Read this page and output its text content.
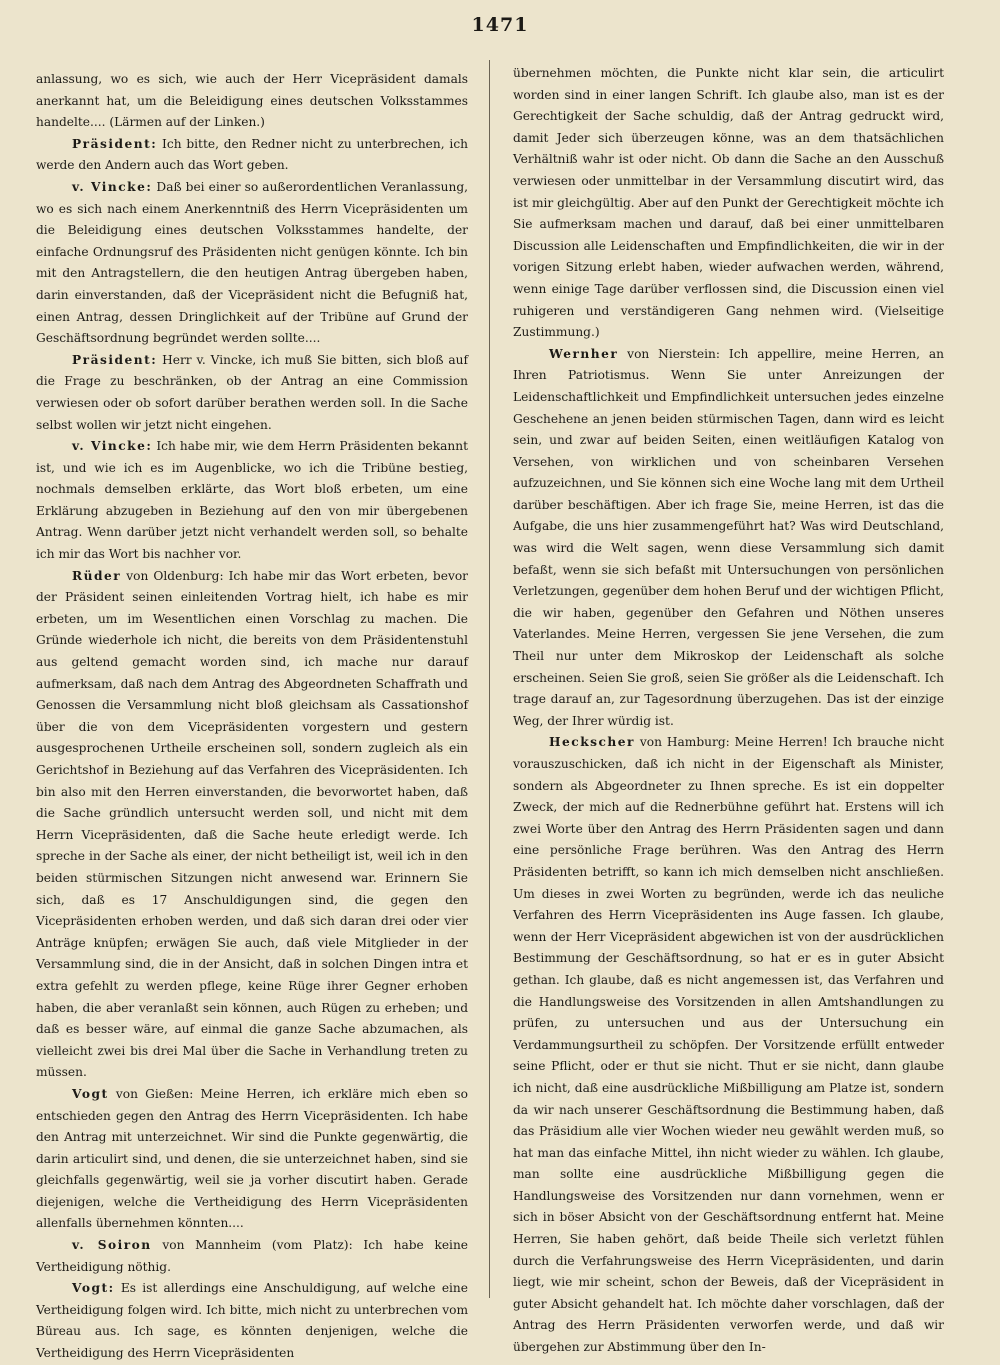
1471

anlassung, wo es sich, wie auch der Herr Vicepräsident damals anerkannt hat, um die Beleidigung eines deutschen Volksstammes handelte.... (Lärmen auf der Linken.)

Präsident: Ich bitte, den Redner nicht zu unterbrechen, ich werde den Andern auch das Wort geben.

v. Vincke: Daß bei einer so außerordentlichen Veranlassung, wo es sich nach einem Anerkenntniß des Herrn Vicepräsidenten um die Beleidigung eines deutschen Volksstammes handelte, der einfache Ordnungsruf des Präsidenten nicht genügen könnte. Ich bin mit den Antragstellern, die den heutigen Antrag übergeben haben, darin einverstanden, daß der Vicepräsident nicht die Befugniß hat, einen Antrag, dessen Dringlichkeit auf der Tribüne auf Grund der Geschäftsordnung begründet werden sollte....

Präsident: Herr v. Vincke, ich muß Sie bitten, sich bloß auf die Frage zu beschränken, ob der Antrag an eine Commission verwiesen oder ob sofort darüber berathen werden soll. In die Sache selbst wollen wir jetzt nicht eingehen.

v. Vincke: Ich habe mir, wie dem Herrn Präsidenten bekannt ist, und wie ich es im Augenblicke, wo ich die Tribüne bestieg, nochmals demselben erklärte, das Wort bloß erbeten, um eine Erklärung abzugeben in Beziehung auf den von mir übergebenen Antrag. Wenn darüber jetzt nicht verhandelt werden soll, so behalte ich mir das Wort bis nachher vor.

Rüder von Oldenburg: Ich habe mir das Wort erbeten, bevor der Präsident seinen einleitenden Vortrag hielt, ich habe es mir erbeten, um im Wesentlichen einen Vorschlag zu machen. Die Gründe wiederhole ich nicht, die bereits von dem Präsidentenstuhl aus geltend gemacht worden sind, ich mache nur darauf aufmerksam, daß nach dem Antrag des Abgeordneten Schaffrath und Genossen die Versammlung nicht bloß gleichsam als Cassationshof über die von dem Vicepräsidenten vorgestern und gestern ausgesprochenen Urtheile erscheinen soll, sondern zugleich als ein Gerichtshof in Beziehung auf das Verfahren des Vicepräsidenten. Ich bin also mit den Herren einverstanden, die bevorwortet haben, daß die Sache gründlich untersucht werden soll, und nicht mit dem Herrn Vicepräsidenten, daß die Sache heute erledigt werde. Ich spreche in der Sache als einer, der nicht betheiligt ist, weil ich in den beiden stürmischen Sitzungen nicht anwesend war. Erinnern Sie sich, daß es 17 Anschuldigungen sind, die gegen den Vicepräsidenten erhoben werden, und daß sich daran drei oder vier Anträge knüpfen; erwägen Sie auch, daß viele Mitglieder in der Versammlung sind, die in der Ansicht, daß in solchen Dingen intra et extra gefehlt zu werden pflege, keine Rüge ihrer Gegner erhoben haben, die aber veranlaßt sein können, auch Rügen zu erheben; und daß es besser wäre, auf einmal die ganze Sache abzumachen, als vielleicht zwei bis drei Mal über die Sache in Verhandlung treten zu müssen.

Vogt von Gießen: Meine Herren, ich erkläre mich eben so entschieden gegen den Antrag des Herrn Vicepräsidenten. Ich habe den Antrag mit unterzeichnet. Wir sind die Punkte gegenwärtig, die darin articulirt sind, und denen, die sie unterzeichnet haben, sind sie gleichfalls gegenwärtig, weil sie ja vorher discutirt haben. Gerade diejenigen, welche die Vertheidigung des Herrn Vicepräsidenten allenfalls übernehmen könnten....

v. Soiron von Mannheim (vom Platz): Ich habe keine Vertheidigung nöthig.

Vogt: Es ist allerdings eine Anschuldigung, auf welche eine Vertheidigung folgen wird. Ich bitte, mich nicht zu unterbrechen vom Büreau aus. Ich sage, es könnten denjenigen, welche die Vertheidigung des Herrn Vicepräsidenten

übernehmen möchten, die Punkte nicht klar sein, die articulirt worden sind in einer langen Schrift. Ich glaube also, man ist es der Gerechtigkeit der Sache schuldig, daß der Antrag gedruckt wird, damit Jeder sich überzeugen könne, was an dem thatsächlichen Verhältniß wahr ist oder nicht. Ob dann die Sache an den Ausschuß verwiesen oder unmittelbar in der Versammlung discutirt wird, das ist mir gleichgültig. Aber auf den Punkt der Gerechtigkeit möchte ich Sie aufmerksam machen und darauf, daß bei einer unmittelbaren Discussion alle Leidenschaften und Empfindlichkeiten, die wir in der vorigen Sitzung erlebt haben, wieder aufwachen werden, während, wenn einige Tage darüber verflossen sind, die Discussion einen viel ruhigeren und verständigeren Gang nehmen wird. (Vielseitige Zustimmung.)

Wernher von Nierstein: Ich appellire, meine Herren, an Ihren Patriotismus. Wenn Sie unter Anreizungen der Leidenschaftlichkeit und Empfindlichkeit untersuchen jedes einzelne Geschehene an jenen beiden stürmischen Tagen, dann wird es leicht sein, und zwar auf beiden Seiten, einen weitläufigen Katalog von Versehen, von wirklichen und von scheinbaren Versehen aufzuzeichnen, und Sie können sich eine Woche lang mit dem Urtheil darüber beschäftigen. Aber ich frage Sie, meine Herren, ist das die Aufgabe, die uns hier zusammengeführt hat? Was wird Deutschland, was wird die Welt sagen, wenn diese Versammlung sich damit befaßt, wenn sie sich befaßt mit Untersuchungen von persönlichen Verletzungen, gegenüber dem hohen Beruf und der wichtigen Pflicht, die wir haben, gegenüber den Gefahren und Nöthen unseres Vaterlandes. Meine Herren, vergessen Sie jene Versehen, die zum Theil nur unter dem Mikroskop der Leidenschaft als solche erscheinen. Seien Sie groß, seien Sie größer als die Leidenschaft. Ich trage darauf an, zur Tagesordnung überzugehen. Das ist der einzige Weg, der Ihrer würdig ist.

Heckscher von Hamburg: Meine Herren! Ich brauche nicht vorauszuschicken, daß ich nicht in der Eigenschaft als Minister, sondern als Abgeordneter zu Ihnen spreche. Es ist ein doppelter Zweck, der mich auf die Rednerbühne geführt hat. Erstens will ich zwei Worte über den Antrag des Herrn Präsidenten sagen und dann eine persönliche Frage berühren. Was den Antrag des Herrn Präsidenten betrifft, so kann ich mich demselben nicht anschließen. Um dieses in zwei Worten zu begründen, werde ich das neuliche Verfahren des Herrn Vicepräsidenten ins Auge fassen. Ich glaube, wenn der Herr Vicepräsident abgewichen ist von der ausdrücklichen Bestimmung der Geschäftsordnung, so hat er es in guter Absicht gethan. Ich glaube, daß es nicht angemessen ist, das Verfahren und die Handlungsweise des Vorsitzenden in allen Amtshandlungen zu prüfen, zu untersuchen und aus der Untersuchung ein Verdammungsurtheil zu schöpfen. Der Vorsitzende erfüllt entweder seine Pflicht, oder er thut sie nicht. Thut er sie nicht, dann glaube ich nicht, daß eine ausdrückliche Mißbilligung am Platze ist, sondern da wir nach unserer Geschäftsordnung die Bestimmung haben, daß das Präsidium alle vier Wochen wieder neu gewählt werden muß, so hat man das einfache Mittel, ihn nicht wieder zu wählen. Ich glaube, man sollte eine ausdrückliche Mißbilligung gegen die Handlungsweise des Vorsitzenden nur dann vornehmen, wenn er sich in böser Absicht von der Geschäftsordnung entfernt hat. Meine Herren, Sie haben gehört, daß beide Theile sich verletzt fühlen durch die Verfahrungsweise des Herrn Vicepräsidenten, und darin liegt, wie mir scheint, schon der Beweis, daß der Vicepräsident in guter Absicht gehandelt hat. Ich möchte daher vorschlagen, daß der Antrag des Herrn Präsidenten verworfen werde, und daß wir übergehen zur Abstimmung über den In-
